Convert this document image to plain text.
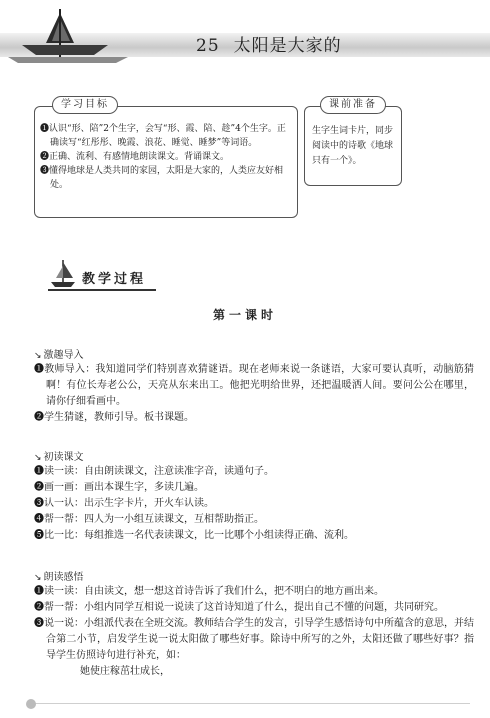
25 太阳是大家的
学习目标

❶认识“形、陪”2个生字，会写“形、霞、陪、趁”4个生字。正确读写“红彤彤、晚霞、浪花、睡觉、睡梦”等词语。

❷正确、流利、有感情地朗读课文。背诵课文。

❸懂得地球是人类共同的家园，太阳是大家的，人类应友好相处。

课前准备
生字生词卡片，同步阅读中的诗歌《地球只有一个》。
教学过程
第一课时
↘ 激趣导入

❶教师导入：我知道同学们特别喜欢猜谜语。现在老师来说一条谜语，大家可要认真听，动脑筋猜啊！有位长寿老公公，天亮从东来出工。他把光明给世界，还把温暖洒人间。要问公公在哪里，请你仔细看画中。

❷学生猜谜，教师引导。板书课题。

↘ 初读课文

❶读一读：自由朗读课文，注意读准字音，读通句子。

❷画一画：画出本课生字，多读几遍。

❸认一认：出示生字卡片，开火车认读。

❹帮一帮：四人为一小组互读课文，互相帮助指正。

❺比一比：每组推选一名代表读课文，比一比哪个小组读得正确、流利。

↘ 朗读感悟

❶读一读：自由读文，想一想这首诗告诉了我们什么，把不明白的地方画出来。

❷帮一帮：小组内同学互相说一说读了这首诗知道了什么，提出自己不懂的问题，共同研究。

❸说一说：小组派代表在全班交流。教师结合学生的发言，引导学生感悟诗句中所蕴含的意思，并结合第二小节，启发学生说一说太阳做了哪些好事。除诗中所写的之外，太阳还做了哪些好事？指导学生仿照诗句进行补充，如：

她使庄稼茁壮成长，
